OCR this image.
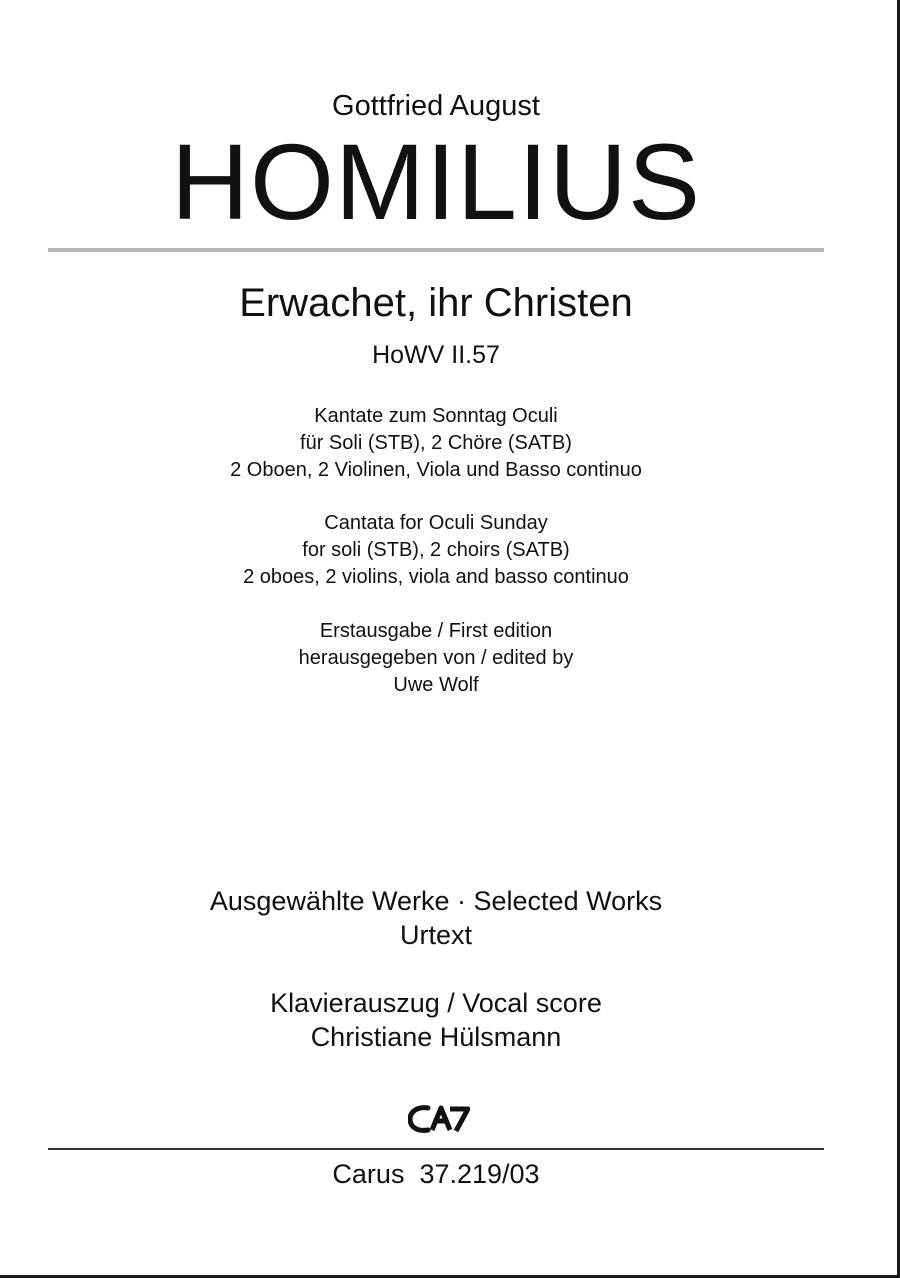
Gottfried August
HOMILIUS
Erwachet, ihr Christen
HoWV II.57
Kantate zum Sonntag Oculi
für Soli (STB), 2 Chöre (SATB)
2 Oboen, 2 Violinen, Viola und Basso continuo
Cantata for Oculi Sunday
for soli (STB), 2 choirs (SATB)
2 oboes, 2 violins, viola and basso continuo
Erstausgabe / First edition
herausgegeben von / edited by
Uwe Wolf
Ausgewählte Werke · Selected Works
Urtext
Klavierauszug / Vocal score
Christiane Hülsmann
Carus  37.219/03
